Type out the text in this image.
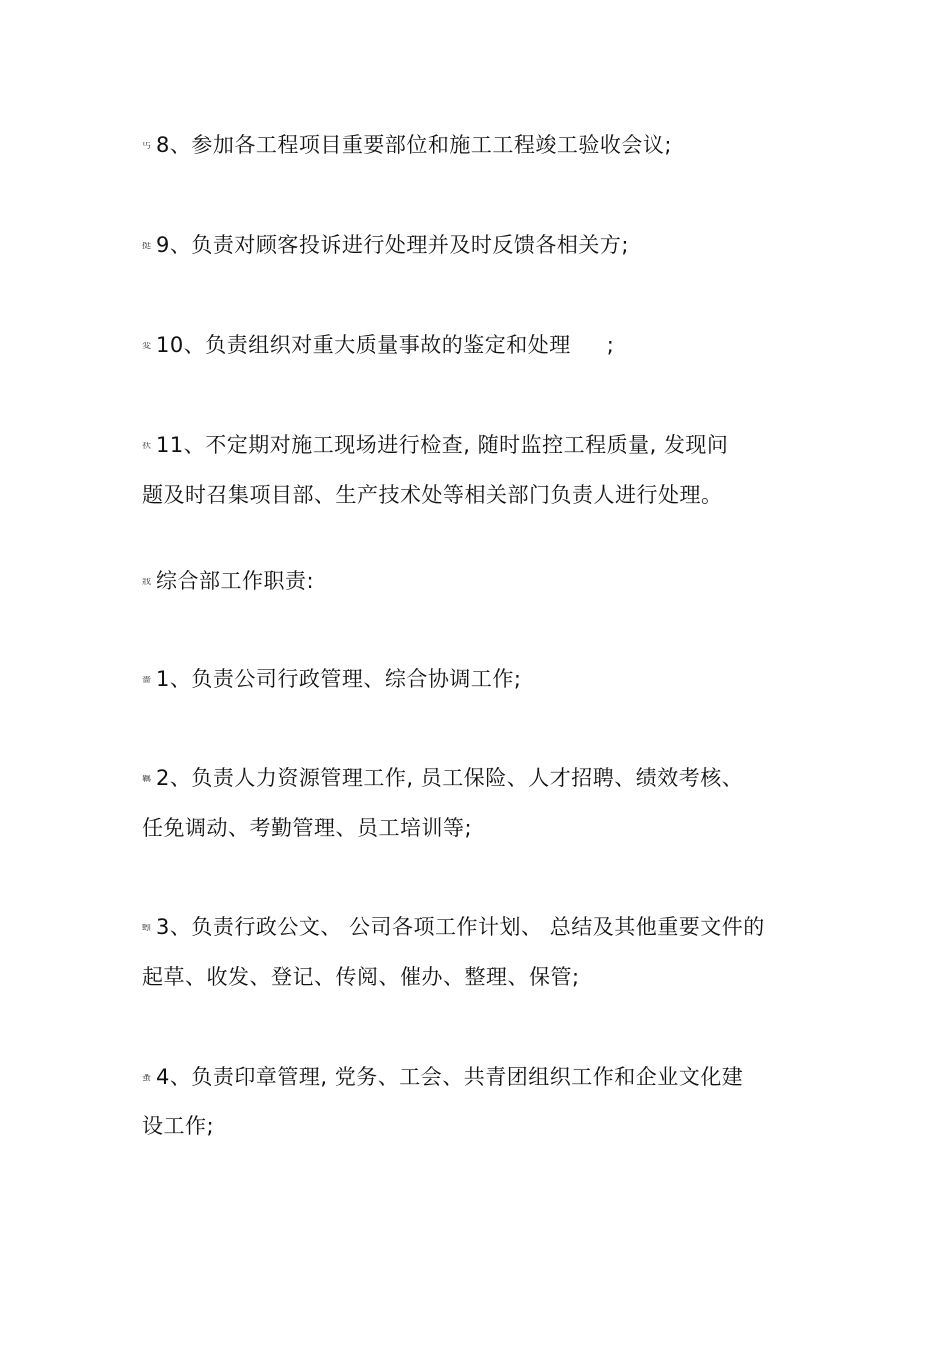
丐 8、参加各工程项目重要部位和施工工程竣工验收会议;
挺 9、负责对顾客投诉进行处理并及时反馈各相关方;
変 10、负责组织对重大质量事故的鉴定和处理 ;
祆 11、不定期对施工现场进行检查, 随时监控工程质量, 发现问
题及时召集项目部、生产技术处等相关部门负责人进行处理。
戕 综合部工作职责:
薔 1、负责公司行政管理、综合协调工作;
羈 2、负责人力资源管理工作, 员工保险、人才招聘、绩效考核、
任免调动、考勤管理、员工培训等;
蚓 3、负责行政公文、 公司各项工作计划、 总结及其他重要文件的
起草、收发、登记、传阅、催办、整理、保管;
蚤 4、负责印章管理, 党务、工会、共青团组织工作和企业文化建
设工作;
